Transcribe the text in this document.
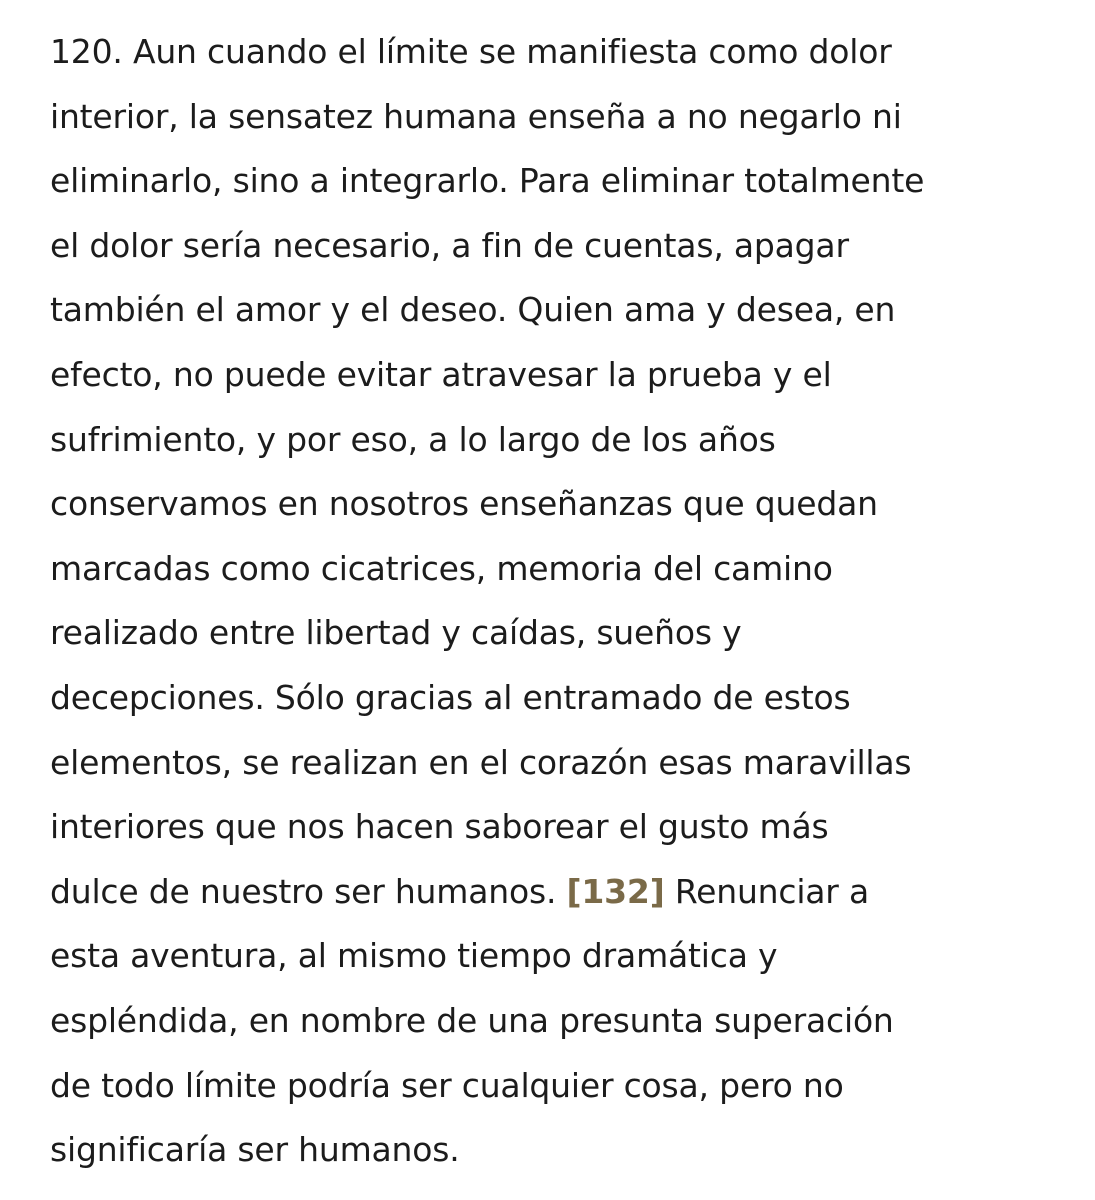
120. Aun cuando el límite se manifiesta como dolor
interior, la sensatez humana enseña a no negarlo ni
eliminarlo, sino a integrarlo. Para eliminar totalmente
el dolor sería necesario, a fin de cuentas, apagar
también el amor y el deseo. Quien ama y desea, en
efecto, no puede evitar atravesar la prueba y el
sufrimiento, y por eso, a lo largo de los años
conservamos en nosotros enseñanzas que quedan
marcadas como cicatrices, memoria del camino
realizado entre libertad y caídas, sueños y
decepciones. Sólo gracias al entramado de estos
elementos, se realizan en el corazón esas maravillas
interiores que nos hacen saborear el gusto más
dulce de nuestro ser humanos. [132] Renunciar a
esta aventura, al mismo tiempo dramática y
espléndida, en nombre de una presunta superación
de todo límite podría ser cualquier cosa, pero no
significaría ser humanos.
